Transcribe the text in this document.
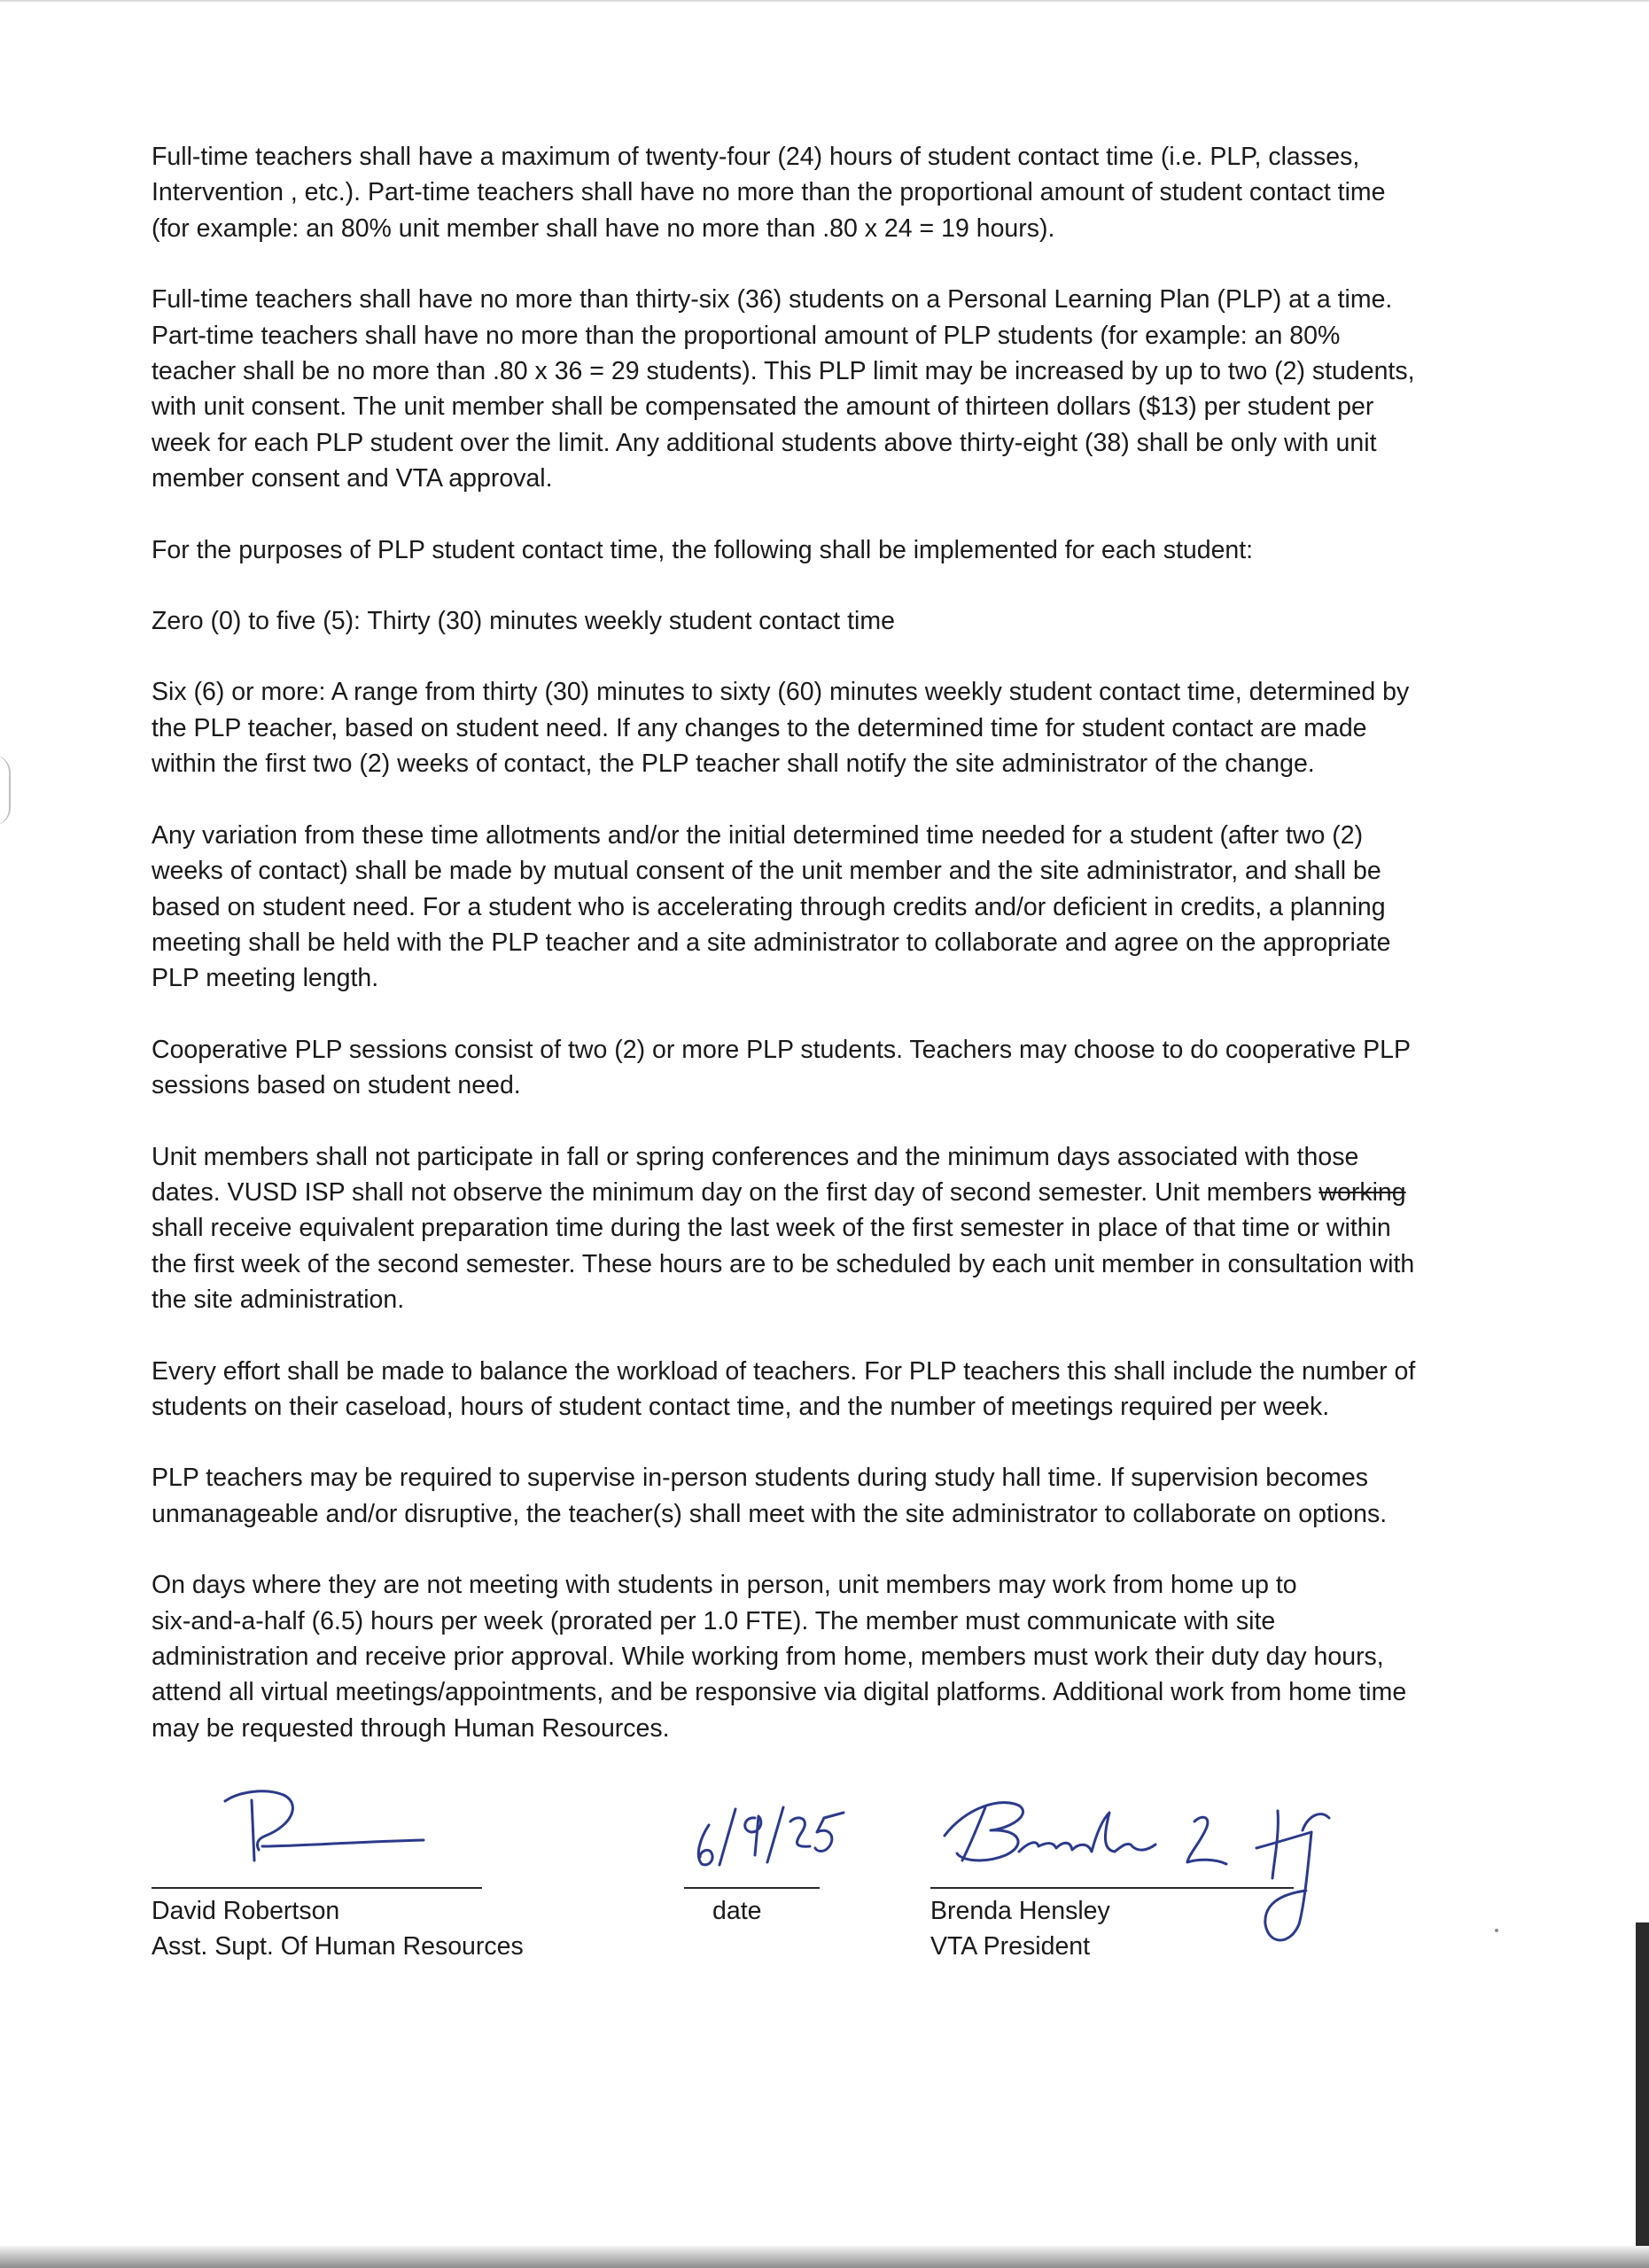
Full-time teachers shall have a maximum of twenty-four (24) hours of student contact time (i.e. PLP, classes,
Intervention , etc.). Part-time teachers shall have no more than the proportional amount of student contact time
(for example: an 80% unit member shall have no more than .80 x 24 = 19 hours).

Full-time teachers shall have no more than thirty-six (36) students on a Personal Learning Plan (PLP) at a time.
Part-time teachers shall have no more than the proportional amount of PLP students (for example: an 80%
teacher shall be no more than .80 x 36 = 29 students). This PLP limit may be increased by up to two (2) students,
with unit consent. The unit member shall be compensated the amount of thirteen dollars ($13) per student per
week for each PLP student over the limit. Any additional students above thirty-eight (38) shall be only with unit
member consent and VTA approval.

For the purposes of PLP student contact time, the following shall be implemented for each student:

Zero (0) to five (5): Thirty (30) minutes weekly student contact time

Six (6) or more: A range from thirty (30) minutes to sixty (60) minutes weekly student contact time, determined by
the PLP teacher, based on student need. If any changes to the determined time for student contact are made
within the first two (2) weeks of contact, the PLP teacher shall notify the site administrator of the change.

Any variation from these time allotments and/or the initial determined time needed for a student (after two (2)
weeks of contact) shall be made by mutual consent of the unit member and the site administrator, and shall be
based on student need. For a student who is accelerating through credits and/or deficient in credits, a planning
meeting shall be held with the PLP teacher and a site administrator to collaborate and agree on the appropriate
PLP meeting length.

Cooperative PLP sessions consist of two (2) or more PLP students. Teachers may choose to do cooperative PLP
sessions based on student need.

Unit members shall not participate in fall or spring conferences and the minimum days associated with those
dates. VUSD ISP shall not observe the minimum day on the first day of second semester. Unit members working
shall receive equivalent preparation time during the last week of the first semester in place of that time or within
the first week of the second semester. These hours are to be scheduled by each unit member in consultation with
the site administration.

Every effort shall be made to balance the workload of teachers. For PLP teachers this shall include the number of
students on their caseload, hours of student contact time, and the number of meetings required per week.

PLP teachers may be required to supervise in-person students during study hall time. If supervision becomes
unmanageable and/or disruptive, the teacher(s) shall meet with the site administrator to collaborate on options.

On days where they are not meeting with students in person, unit members may work from home up to
six-and-a-half (6.5) hours per week (prorated per 1.0 FTE). The member must communicate with site
administration and receive prior approval. While working from home, members must work their duty day hours,
attend all virtual meetings/appointments, and be responsive via digital platforms. Additional work from home time
may be requested through Human Resources.

David Robertson
Asst. Supt. Of Human Resources
date	Brenda Hensley
VTA President
